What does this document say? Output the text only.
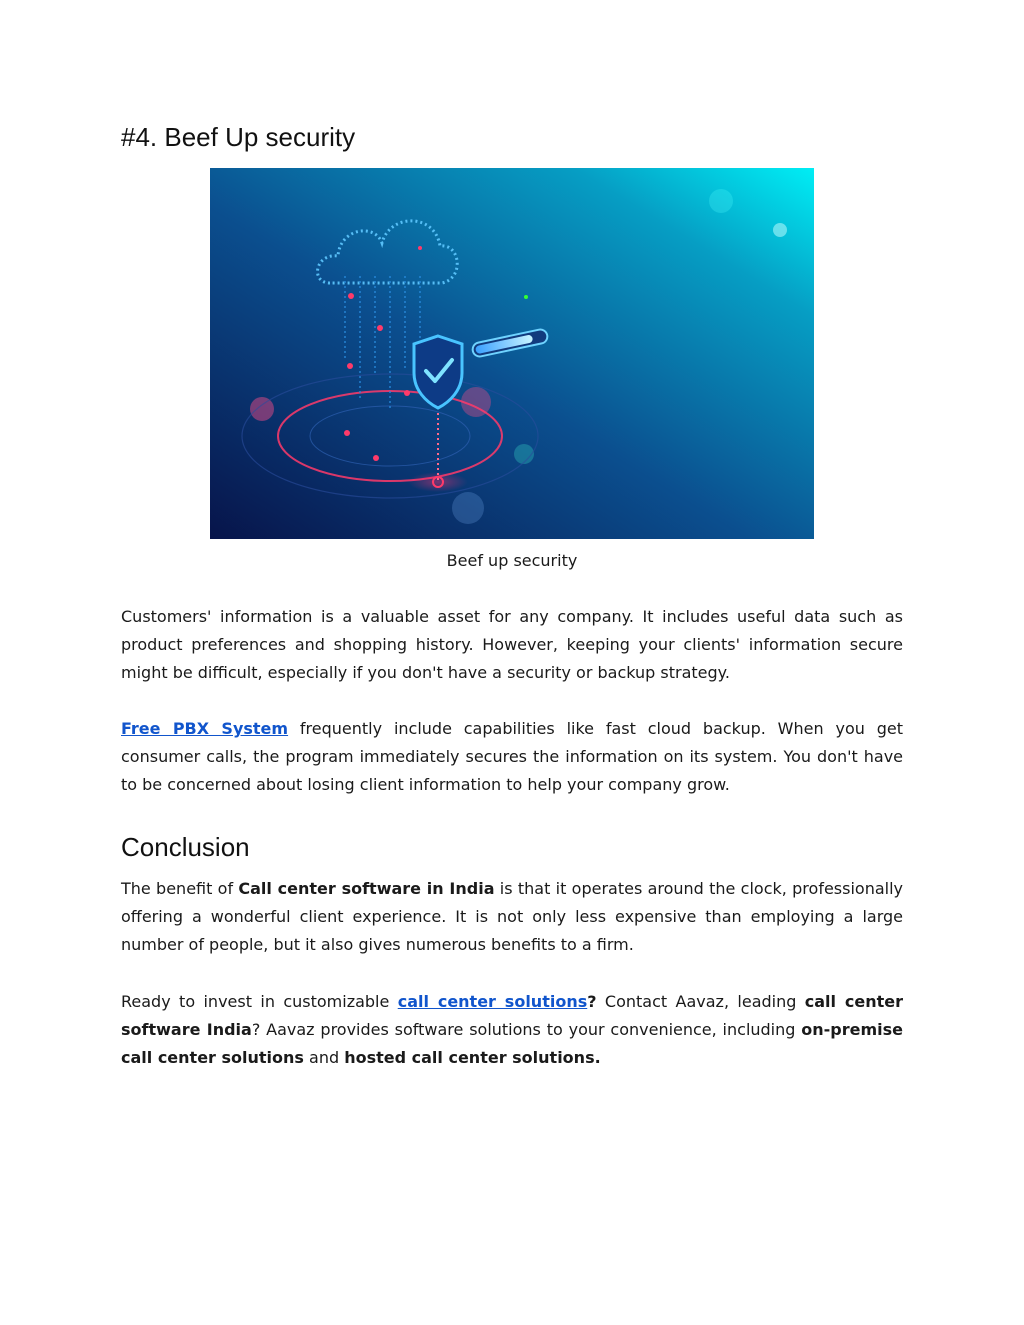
#4. Beef Up security
Beef up security

Customers' information is a valuable asset for any company. It includes useful data such as product preferences and shopping history. However, keeping your clients' information secure might be difficult, especially if you don't have a security or backup strategy.

Free PBX System frequently include capabilities like fast cloud backup. When you get consumer calls, the program immediately secures the information on its system. You don't have to be concerned about losing client information to help your company grow.

Conclusion

The benefit of Call center software in India is that it operates around the clock, professionally offering a wonderful client experience. It is not only less expensive than employing a large number of people, but it also gives numerous benefits to a firm.

Ready to invest in customizable call center solutions? Contact Aavaz, leading call center software India? Aavaz provides software solutions to your convenience, including on-premise call center solutions and hosted call center solutions.
